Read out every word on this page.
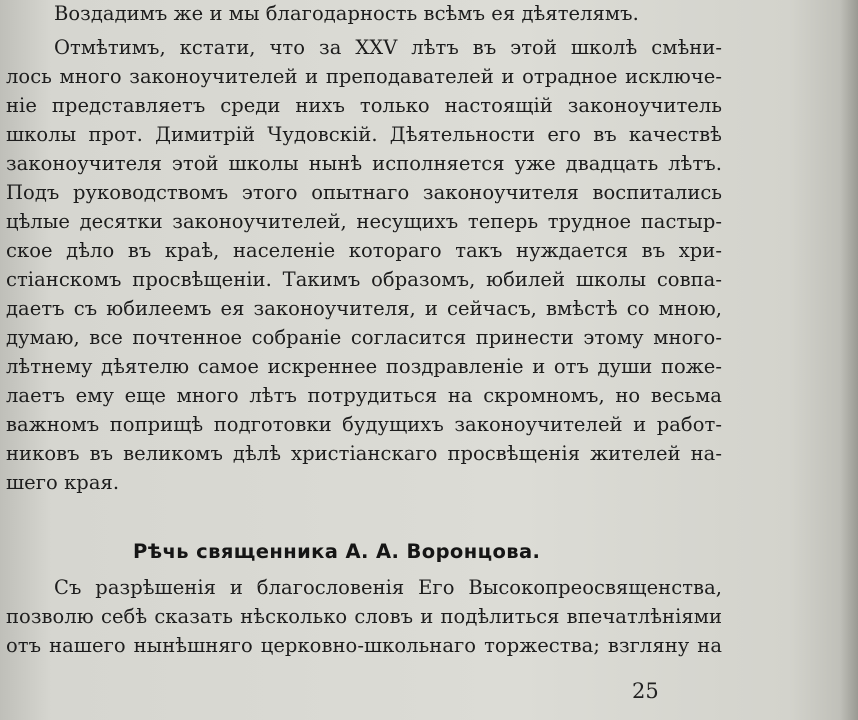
Воздадимъ же и мы благодарность всѣмъ ея дѣятелямъ.
Отмѣтимъ, кстати, что за XXV лѣтъ въ этой школѣ смѣни-
лось много законоучителей и преподавателей и отрадное исключе-
ніе представляетъ среди нихъ только настоящій законоучитель
школы прот. Димитрій Чудовскій. Дѣятельности его въ качествѣ
законоучителя этой школы нынѣ исполняется уже двадцать лѣтъ.
Подъ руководствомъ этого опытнаго законоучителя воспитались
цѣлые десятки законоучителей, несущихъ теперь трудное пастыр-
ское дѣло въ краѣ, населеніе котораго такъ нуждается въ хри-
стіанскомъ просвѣщеніи. Такимъ образомъ, юбилей школы совпа-
даетъ съ юбилеемъ ея законоучителя, и сейчасъ, вмѣстѣ со мною,
думаю, все почтенное собраніе согласится принести этому много-
лѣтнему дѣятелю самое искреннее поздравленіе и отъ души поже-
лаетъ ему еще много лѣтъ потрудиться на скромномъ, но весьма
важномъ поприщѣ подготовки будущихъ законоучителей и работ-
никовъ въ великомъ дѣлѣ христіанскаго просвѣщенія жителей на-
шего края.
Рѣчь священника А. А. Воронцова.
Съ разрѣшенія и благословенія Его Высокопреосвященства,
позволю себѣ сказать нѣсколько словъ и подѣлиться впечатлѣніями
отъ нашего нынѣшняго церковно-школьнаго торжества; взгляну на
25
